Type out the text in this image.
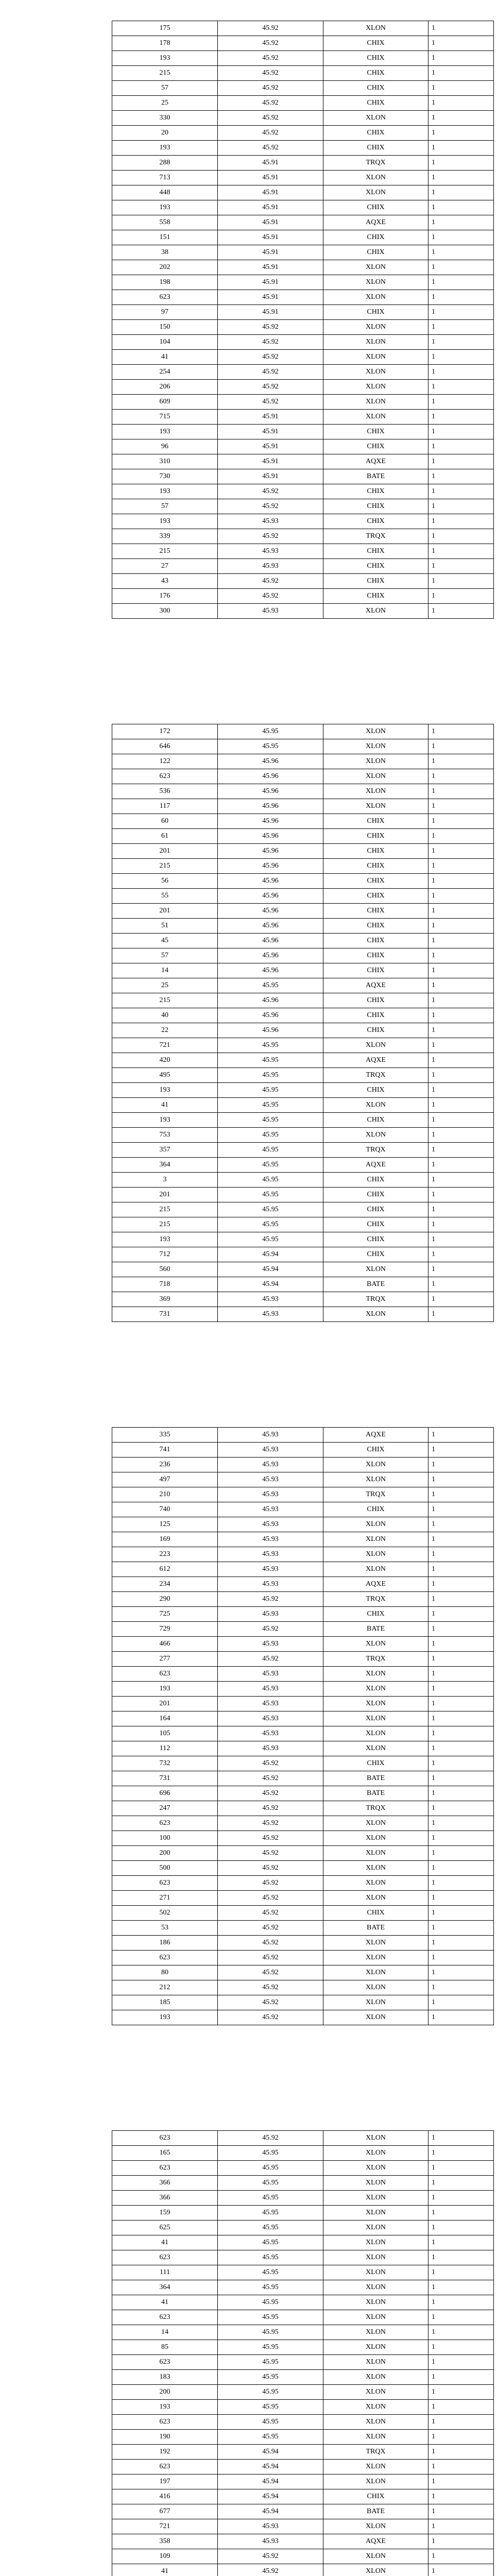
175	45.92	XLON	1
178	45.92	CHIX	1
193	45.92	CHIX	1
215	45.92	CHIX	1
57	45.92	CHIX	1
25	45.92	CHIX	1
330	45.92	XLON	1
20	45.92	CHIX	1
193	45.92	CHIX	1
288	45.91	TRQX	1
713	45.91	XLON	1
448	45.91	XLON	1
193	45.91	CHIX	1
558	45.91	AQXE	1
151	45.91	CHIX	1
38	45.91	CHIX	1
202	45.91	XLON	1
198	45.91	XLON	1
623	45.91	XLON	1
97	45.91	CHIX	1
150	45.92	XLON	1
104	45.92	XLON	1
41	45.92	XLON	1
254	45.92	XLON	1
206	45.92	XLON	1
609	45.92	XLON	1
715	45.91	XLON	1
193	45.91	CHIX	1
96	45.91	CHIX	1
310	45.91	AQXE	1
730	45.91	BATE	1
193	45.92	CHIX	1
57	45.92	CHIX	1
193	45.93	CHIX	1
339	45.92	TRQX	1
215	45.93	CHIX	1
27	45.93	CHIX	1
43	45.92	CHIX	1
176	45.92	CHIX	1
300	45.93	XLON	1
172	45.95	XLON	1
646	45.95	XLON	1
122	45.96	XLON	1
623	45.96	XLON	1
536	45.96	XLON	1
117	45.96	XLON	1
60	45.96	CHIX	1
61	45.96	CHIX	1
201	45.96	CHIX	1
215	45.96	CHIX	1
56	45.96	CHIX	1
55	45.96	CHIX	1
201	45.96	CHIX	1
51	45.96	CHIX	1
45	45.96	CHIX	1
57	45.96	CHIX	1
14	45.96	CHIX	1
25	45.95	AQXE	1
215	45.96	CHIX	1
40	45.96	CHIX	1
22	45.96	CHIX	1
721	45.95	XLON	1
420	45.95	AQXE	1
495	45.95	TRQX	1
193	45.95	CHIX	1
41	45.95	XLON	1
193	45.95	CHIX	1
753	45.95	XLON	1
357	45.95	TRQX	1
364	45.95	AQXE	1
3	45.95	CHIX	1
201	45.95	CHIX	1
215	45.95	CHIX	1
215	45.95	CHIX	1
193	45.95	CHIX	1
712	45.94	CHIX	1
560	45.94	XLON	1
718	45.94	BATE	1
369	45.93	TRQX	1
731	45.93	XLON	1
335	45.93	AQXE	1
741	45.93	CHIX	1
236	45.93	XLON	1
497	45.93	XLON	1
210	45.93	TRQX	1
740	45.93	CHIX	1
125	45.93	XLON	1
169	45.93	XLON	1
223	45.93	XLON	1
612	45.93	XLON	1
234	45.93	AQXE	1
290	45.92	TRQX	1
725	45.93	CHIX	1
729	45.92	BATE	1
466	45.93	XLON	1
277	45.92	TRQX	1
623	45.93	XLON	1
193	45.93	XLON	1
201	45.93	XLON	1
164	45.93	XLON	1
105	45.93	XLON	1
112	45.93	XLON	1
732	45.92	CHIX	1
731	45.92	BATE	1
696	45.92	BATE	1
247	45.92	TRQX	1
623	45.92	XLON	1
100	45.92	XLON	1
200	45.92	XLON	1
500	45.92	XLON	1
623	45.92	XLON	1
271	45.92	XLON	1
502	45.92	CHIX	1
53	45.92	BATE	1
186	45.92	XLON	1
623	45.92	XLON	1
80	45.92	XLON	1
212	45.92	XLON	1
185	45.92	XLON	1
193	45.92	XLON	1
623	45.92	XLON	1
165	45.95	XLON	1
623	45.95	XLON	1
366	45.95	XLON	1
366	45.95	XLON	1
159	45.95	XLON	1
625	45.95	XLON	1
41	45.95	XLON	1
623	45.95	XLON	1
111	45.95	XLON	1
364	45.95	XLON	1
41	45.95	XLON	1
623	45.95	XLON	1
14	45.95	XLON	1
85	45.95	XLON	1
623	45.95	XLON	1
183	45.95	XLON	1
200	45.95	XLON	1
193	45.95	XLON	1
623	45.95	XLON	1
190	45.95	XLON	1
192	45.94	TRQX	1
623	45.94	XLON	1
197	45.94	XLON	1
416	45.94	CHIX	1
677	45.94	BATE	1
721	45.93	XLON	1
358	45.93	AQXE	1
109	45.92	XLON	1
41	45.92	XLON	1
